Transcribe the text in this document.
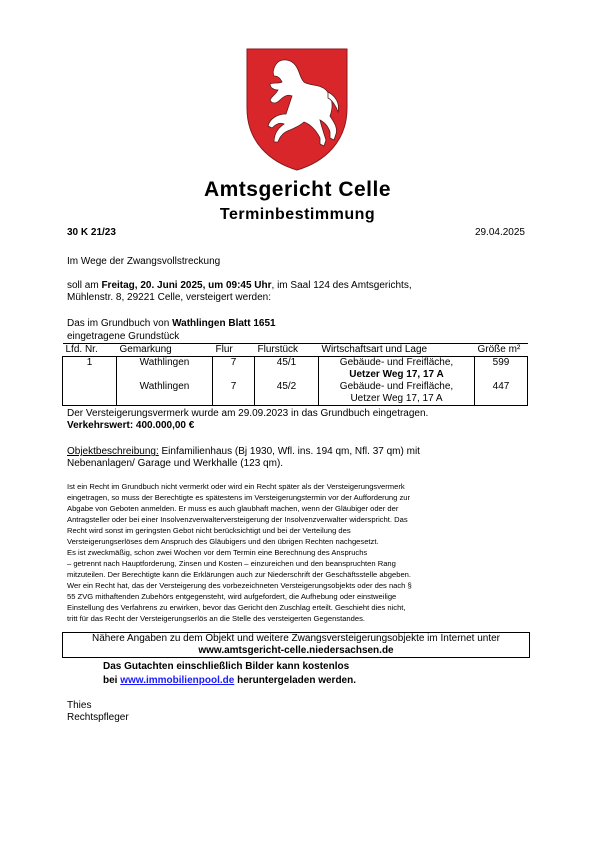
Amtsgericht Celle
Terminbestimmung
30 K 21/23	29.04.2025
Im Wege der Zwangsvollstreckung
soll am Freitag, 20. Juni 2025, um 09:45 Uhr, im Saal 124 des Amtsgerichts,
Mühlenstr. 8, 29221 Celle, versteigert werden:
Das im Grundbuch von Wathlingen Blatt 1651
eingetragene Grundstück
Lfd. Nr.	Gemarkung	Flur	Flurstück	Wirtschaftsart und Lage	Größe m²
1	Wathlingen	7	45/1	Gebäude- und Freifläche,
Uetzer Weg 17, 17 A	599
	Wathlingen	7	45/2	Gebäude- und Freifläche,
Uetzer Weg 17, 17 A	447
Der Versteigerungsvermerk wurde am 29.09.2023 in das Grundbuch eingetragen.
Verkehrswert: 400.000,00 €
Objektbeschreibung: Einfamilienhaus (Bj 1930, Wfl. ins. 194 qm, Nfl. 37 qm) mit
Nebenanlagen/ Garage und Werkhalle (123 qm).
Ist ein Recht im Grundbuch nicht vermerkt oder wird ein Recht später als der Versteigerungsvermerk
eingetragen, so muss der Berechtigte es spätestens im Versteigerungstermin vor der Aufforderung zur
Abgabe von Geboten anmelden. Er muss es auch glaubhaft machen, wenn der Gläubiger oder der
Antragsteller oder bei einer Insolvenzverwalterversteigerung der Insolvenzverwalter widerspricht. Das
Recht wird sonst im geringsten Gebot nicht berücksichtigt und bei der Verteilung des
Versteigerungserlöses dem Anspruch des Gläubigers und den übrigen Rechten nachgesetzt.
Es ist zweckmäßig, schon zwei Wochen vor dem Termin eine Berechnung des Anspruchs
– getrennt nach Hauptforderung, Zinsen und Kosten – einzureichen und den beanspruchten Rang
mitzuteilen. Der Berechtigte kann die Erklärungen auch zur Niederschrift der Geschäftsstelle abgeben.
Wer ein Recht hat, das der Versteigerung des vorbezeichneten Versteigerungsobjekts oder des nach §
55 ZVG mithaftenden Zubehörs entgegensteht, wird aufgefordert, die Aufhebung oder einstweilige
Einstellung des Verfahrens zu erwirken, bevor das Gericht den Zuschlag erteilt. Geschieht dies nicht,
tritt für das Recht der Versteigerungserlös an die Stelle des versteigerten Gegenstandes.
Nähere Angaben zu dem Objekt und weitere Zwangsversteigerungsobjekte im Internet unter
www.amtsgericht-celle.niedersachsen.de
Das Gutachten einschließlich Bilder kann kostenlos
bei www.immobilienpool.de heruntergeladen werden.
Thies
Rechtspfleger
